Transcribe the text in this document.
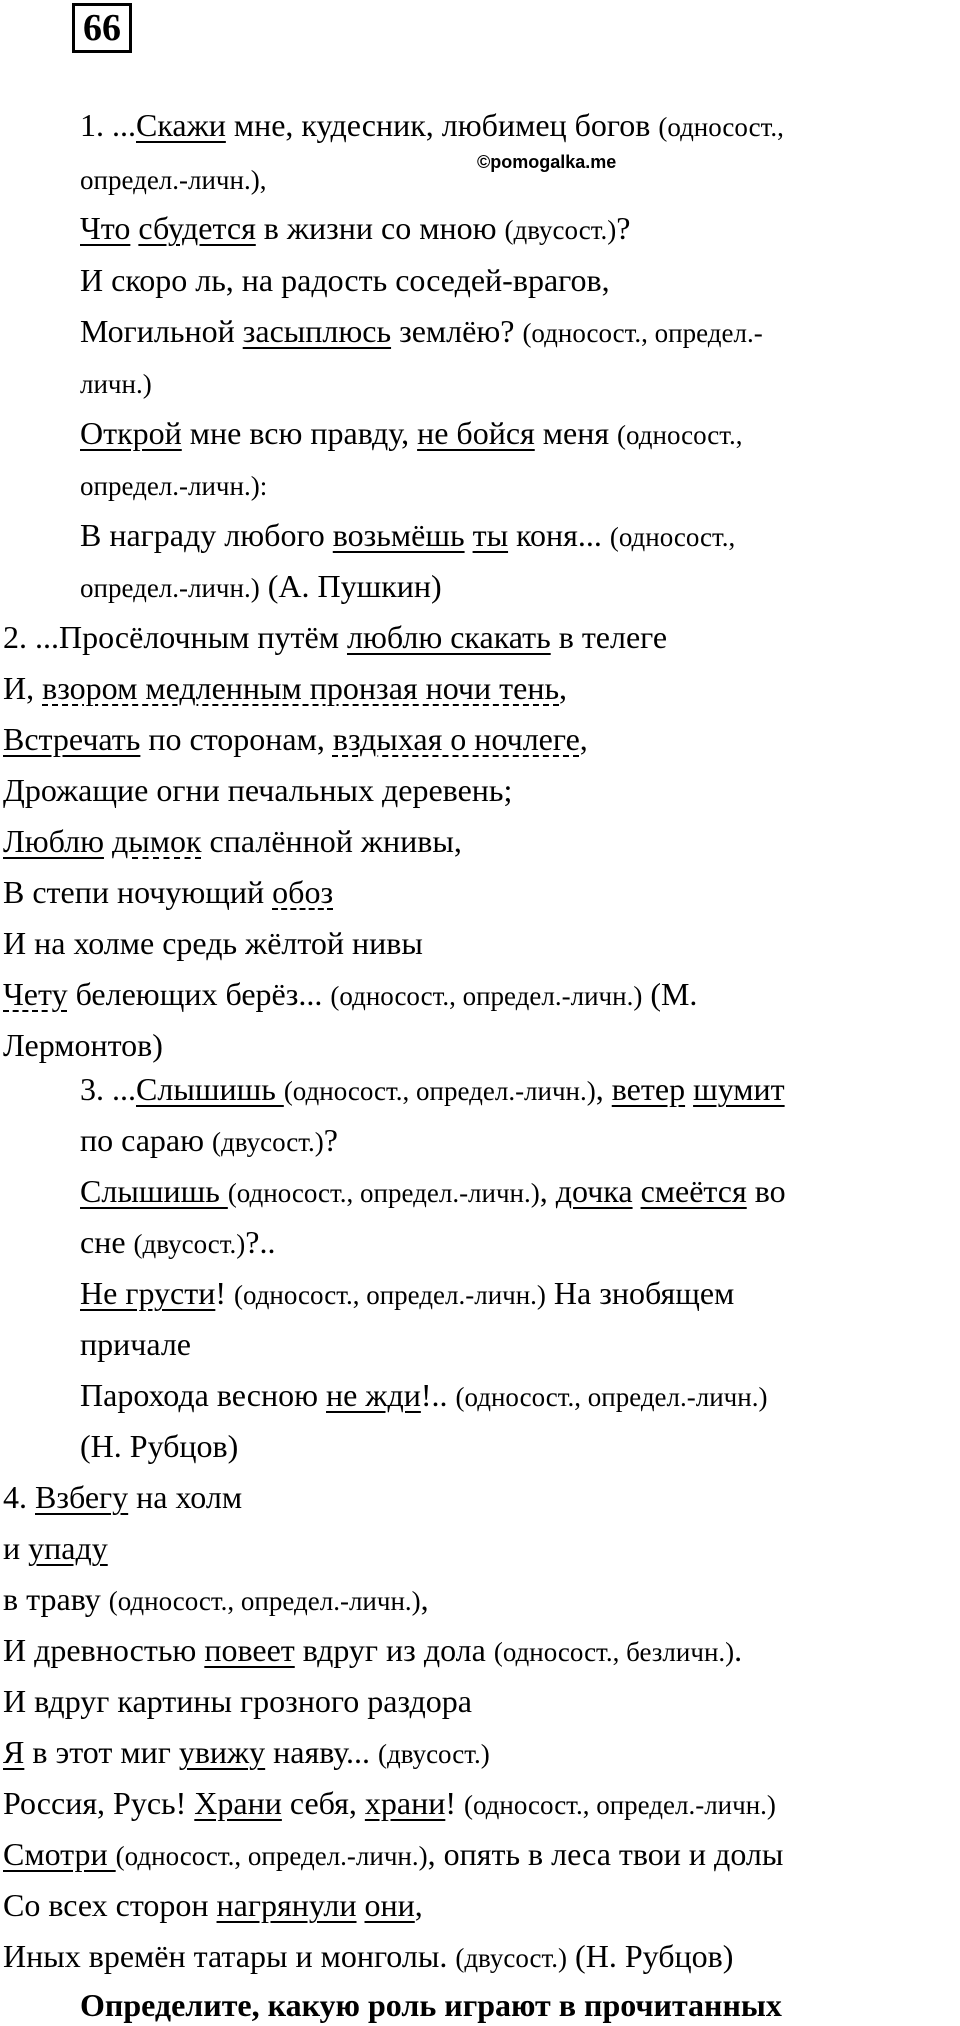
66
©pomogalka.me
1. ...Скажи мне, кудесник, любимец богов (односост.,
определ.-личн.),
Что сбудется в жизни со мною (двусост.)?
И скоро ль, на радость соседей-врагов,
Могильной засыплюсь землёю? (односост., определ.-
личн.)
Открой мне всю правду, не бойся меня (односост.,
определ.-личн.):
В награду любого возьмёшь ты коня... (односост.,
определ.-личн.) (А. Пушкин)
2. ...Просёлочным путём люблю скакать в телеге
И, взором медленным пронзая ночи тень,
Встречать по сторонам, вздыхая о ночлеге,
Дрожащие огни печальных деревень;
Люблю дымок спалённой жнивы,
В степи ночующий обоз
И на холме средь жёлтой нивы
Чету белеющих берёз... (односост., определ.-личн.) (М.
Лермонтов)
3. ...Слышишь (односост., определ.-личн.), ветер шумит
по сараю (двусост.)?
Слышишь (односост., определ.-личн.), дочка смеётся во
сне (двусост.)?..
Не грусти! (односост., определ.-личн.) На знобящем
причале
Парохода весною не жди!.. (односост., определ.-личн.)
(Н. Рубцов)
4. Взбегу на холм
и упаду
в траву (односост., определ.-личн.),
И древностью повеет вдруг из дола (односост., безличн.).
И вдруг картины грозного раздора
Я в этот миг увижу наяву... (двусост.)
Россия, Русь! Храни себя, храни! (односост., определ.-личн.)
Смотри (односост., определ.-личн.), опять в леса твои и долы
Со всех сторон нагрянули они,
Иных времён татары и монголы. (двусост.) (Н. Рубцов)
Определите, какую роль играют в прочитанных
